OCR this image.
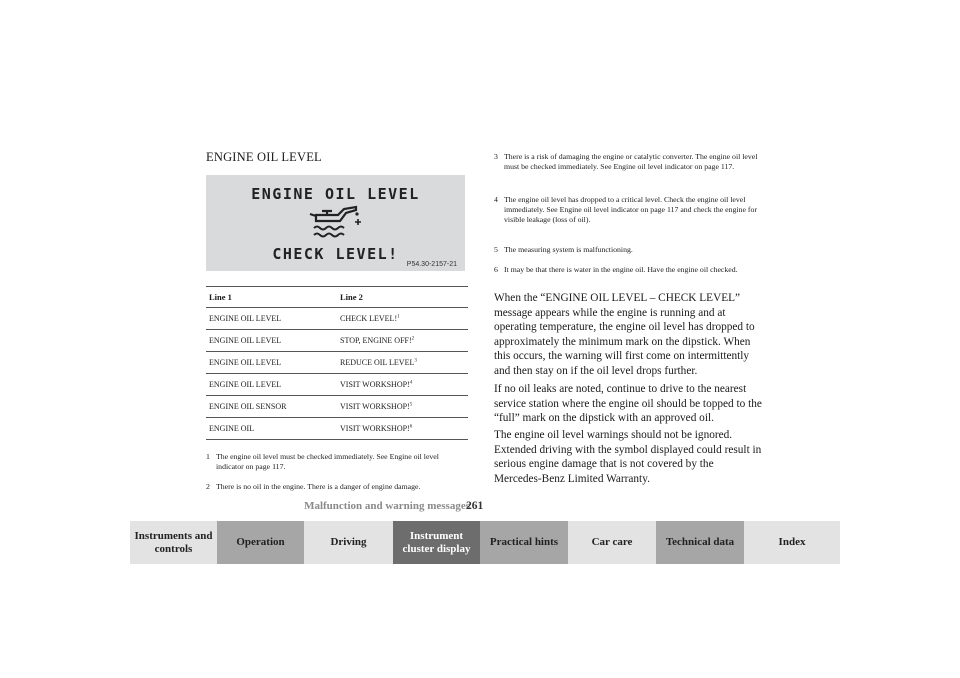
ENGINE OIL LEVEL
ENGINE OIL LEVEL
CHECK LEVEL!
P54.30-2157-21
Line 1	Line 2
ENGINE OIL LEVEL	CHECK LEVEL!$^1$
ENGINE OIL LEVEL	STOP, ENGINE OFF!$^2$
ENGINE OIL LEVEL	REDUCE OIL LEVEL$^3$
ENGINE OIL LEVEL	VISIT WORKSHOP!$^4$
ENGINE OIL SENSOR	VISIT WORKSHOP!$^5$
ENGINE OIL	VISIT WORKSHOP!$^6$
1 The engine oil level must be checked immediately. See Engine oil level indicator on page 117.
2 There is no oil in the engine. There is a danger of engine damage.
3 There is a risk of damaging the engine or catalytic converter. The engine oil level must be checked immediately. See Engine oil level indicator on page 117.
4 The engine oil level has dropped to a critical level. Check the engine oil level immediately. See Engine oil level indicator on page 117 and check the engine for visible leakage (loss of oil).
5 The measuring system is malfunctioning.
6 It may be that there is water in the engine oil. Have the engine oil checked.
When the “ENGINE OIL LEVEL – CHECK LEVEL” message appears while the engine is running and at operating temperature, the engine oil level has dropped to approximately the minimum mark on the dipstick. When this occurs, the warning will first come on intermittently and then stay on if the oil level drops further.
If no oil leaks are noted, continue to drive to the nearest service station where the engine oil should be topped to the “full” mark on the dipstick with an approved oil.
The engine oil level warnings should not be ignored. Extended driving with the symbol displayed could result in serious engine damage that is not covered by the Mercedes-Benz Limited Warranty.
Malfunction and warning messages
261
Instruments and controls
Operation	Driving
Instrument cluster display
Practical hints	Car care	Technical data	Index
